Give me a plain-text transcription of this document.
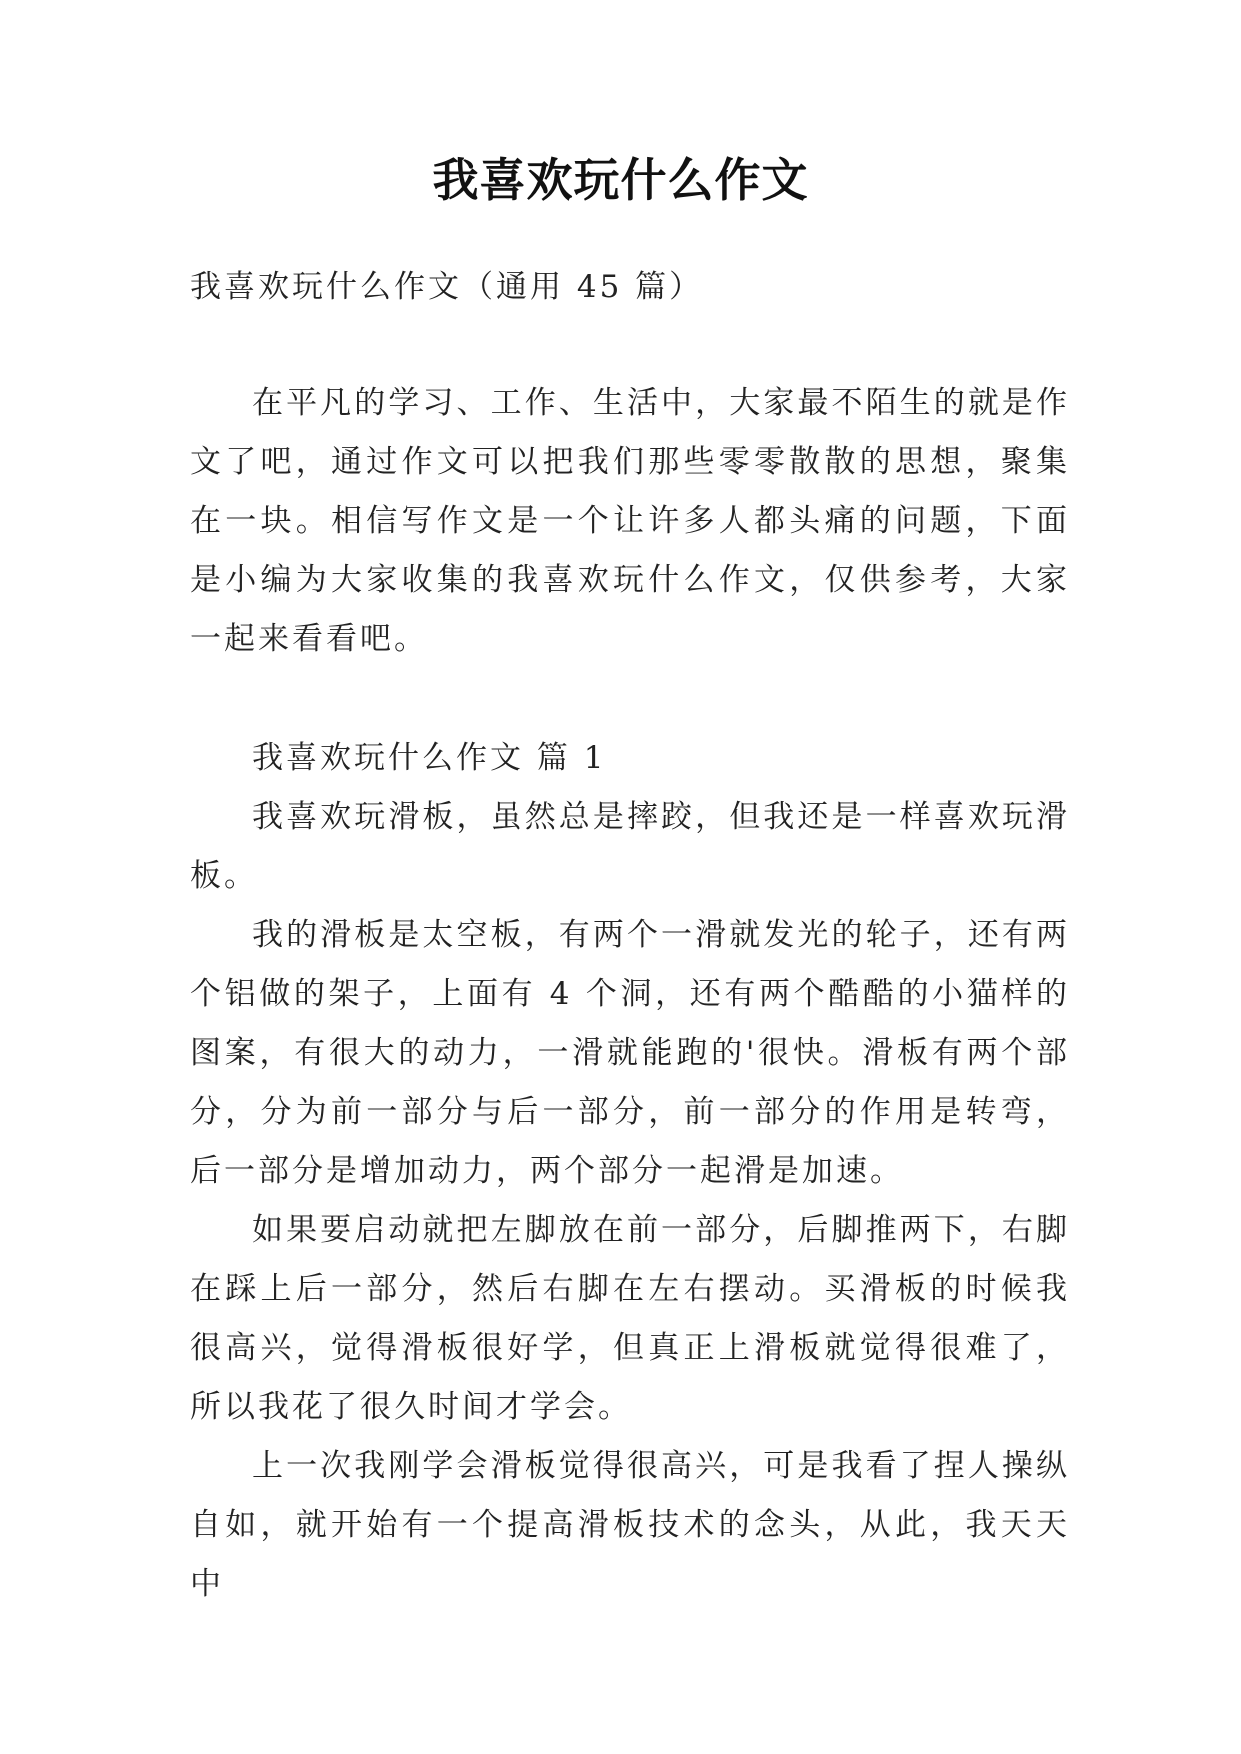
我喜欢玩什么作文

我喜欢玩什么作文（通用 45 篇）

在平凡的学习、工作、生活中，大家最不陌生的就是作文了吧，通过作文可以把我们那些零零散散的思想，聚集在一块。相信写作文是一个让许多人都头痛的问题，下面是小编为大家收集的我喜欢玩什么作文，仅供参考，大家一起来看看吧。

我喜欢玩什么作文 篇 1

我喜欢玩滑板，虽然总是摔跤，但我还是一样喜欢玩滑板。

我的滑板是太空板，有两个一滑就发光的轮子，还有两个铝做的架子，上面有 4 个洞，还有两个酷酷的小猫样的图案，有很大的动力，一滑就能跑的'很快。滑板有两个部分，分为前一部分与后一部分，前一部分的作用是转弯，后一部分是增加动力，两个部分一起滑是加速。

如果要启动就把左脚放在前一部分，后脚推两下，右脚在踩上后一部分，然后右脚在左右摆动。买滑板的时候我很高兴，觉得滑板很好学，但真正上滑板就觉得很难了，所以我花了很久时间才学会。

上一次我刚学会滑板觉得很高兴，可是我看了捏人操纵自如，就开始有一个提高滑板技术的念头，从此，我天天中
